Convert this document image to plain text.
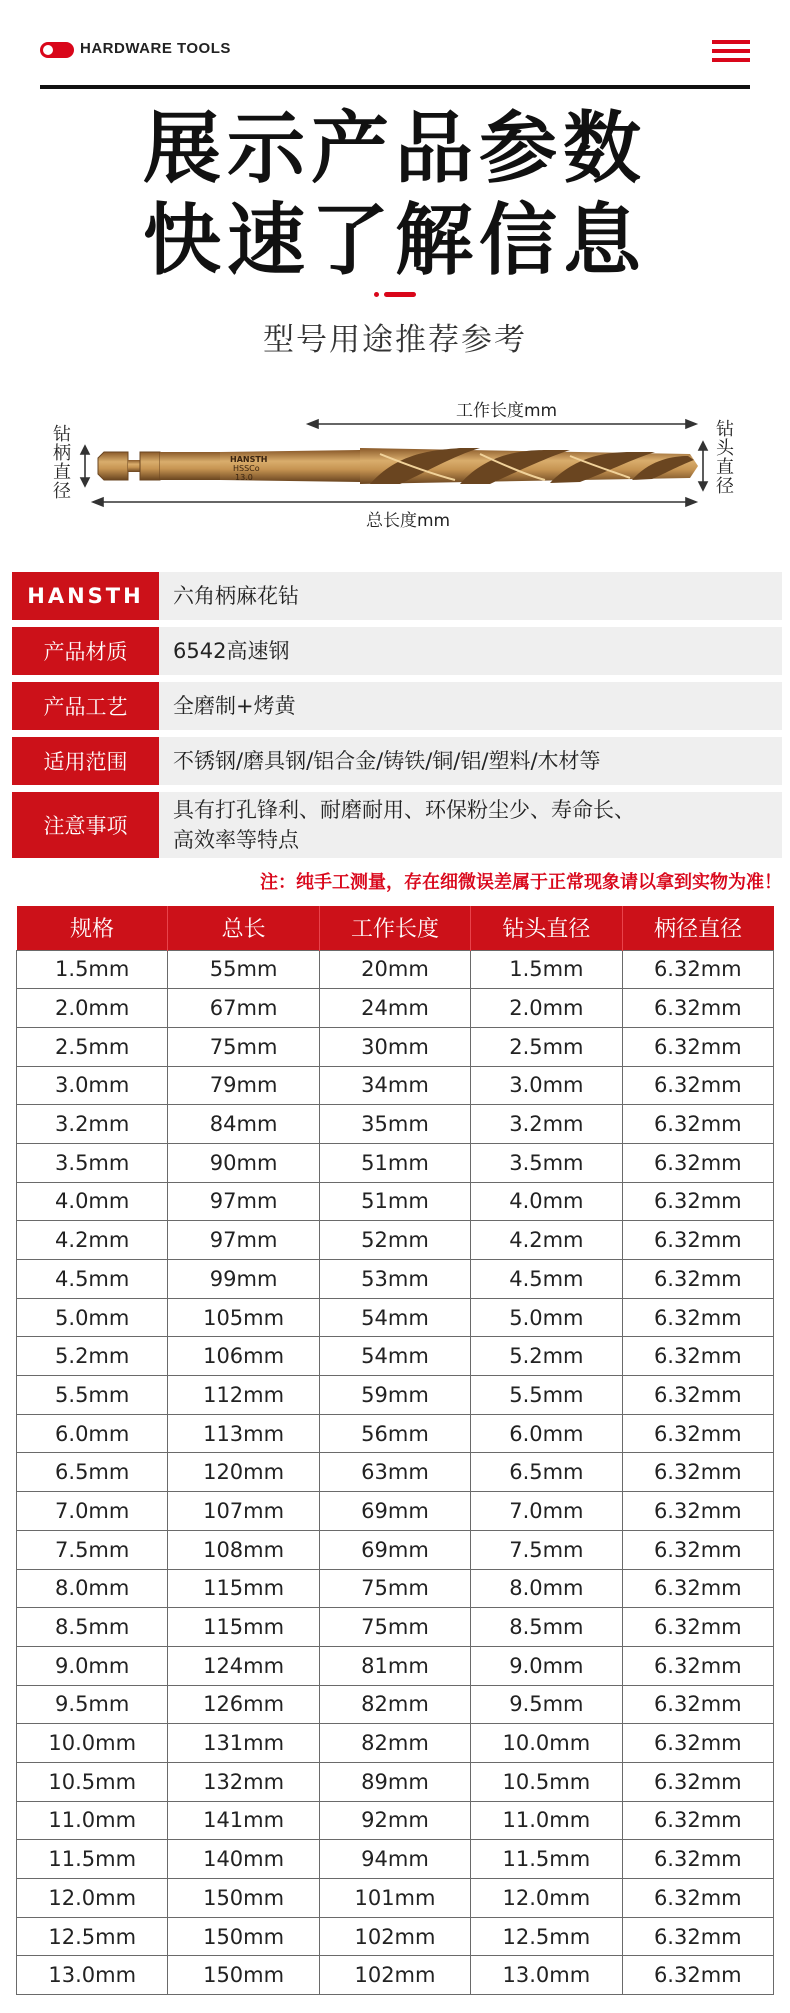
HARDWARE TOOLS
展示产品参数
快速了解信息
型号用途推荐参考
钻
柄
直
径
钻
头
直
径
工作长度mm
总长度mm
HANSTH
HSSCo
13.0
HANSTH	六角柄麻花钻
产品材质	6542高速钢
产品工艺	全磨制+烤黄
适用范围	不锈钢/磨具钢/铝合金/铸铁/铜/铝/塑料/木材等
注意事项
具有打孔锋利、耐磨耐用、环保粉尘少、寿命长、
高效率等特点
注：纯手工测量，存在细微误差属于正常现象请以拿到实物为准！
规格	总长	工作长度	钻头直径	柄径直径
1.5mm	55mm	20mm	1.5mm	6.32mm
2.0mm	67mm	24mm	2.0mm	6.32mm
2.5mm	75mm	30mm	2.5mm	6.32mm
3.0mm	79mm	34mm	3.0mm	6.32mm
3.2mm	84mm	35mm	3.2mm	6.32mm
3.5mm	90mm	51mm	3.5mm	6.32mm
4.0mm	97mm	51mm	4.0mm	6.32mm
4.2mm	97mm	52mm	4.2mm	6.32mm
4.5mm	99mm	53mm	4.5mm	6.32mm
5.0mm	105mm	54mm	5.0mm	6.32mm
5.2mm	106mm	54mm	5.2mm	6.32mm
5.5mm	112mm	59mm	5.5mm	6.32mm
6.0mm	113mm	56mm	6.0mm	6.32mm
6.5mm	120mm	63mm	6.5mm	6.32mm
7.0mm	107mm	69mm	7.0mm	6.32mm
7.5mm	108mm	69mm	7.5mm	6.32mm
8.0mm	115mm	75mm	8.0mm	6.32mm
8.5mm	115mm	75mm	8.5mm	6.32mm
9.0mm	124mm	81mm	9.0mm	6.32mm
9.5mm	126mm	82mm	9.5mm	6.32mm
10.0mm	131mm	82mm	10.0mm	6.32mm
10.5mm	132mm	89mm	10.5mm	6.32mm
11.0mm	141mm	92mm	11.0mm	6.32mm
11.5mm	140mm	94mm	11.5mm	6.32mm
12.0mm	150mm	101mm	12.0mm	6.32mm
12.5mm	150mm	102mm	12.5mm	6.32mm
13.0mm	150mm	102mm	13.0mm	6.32mm
